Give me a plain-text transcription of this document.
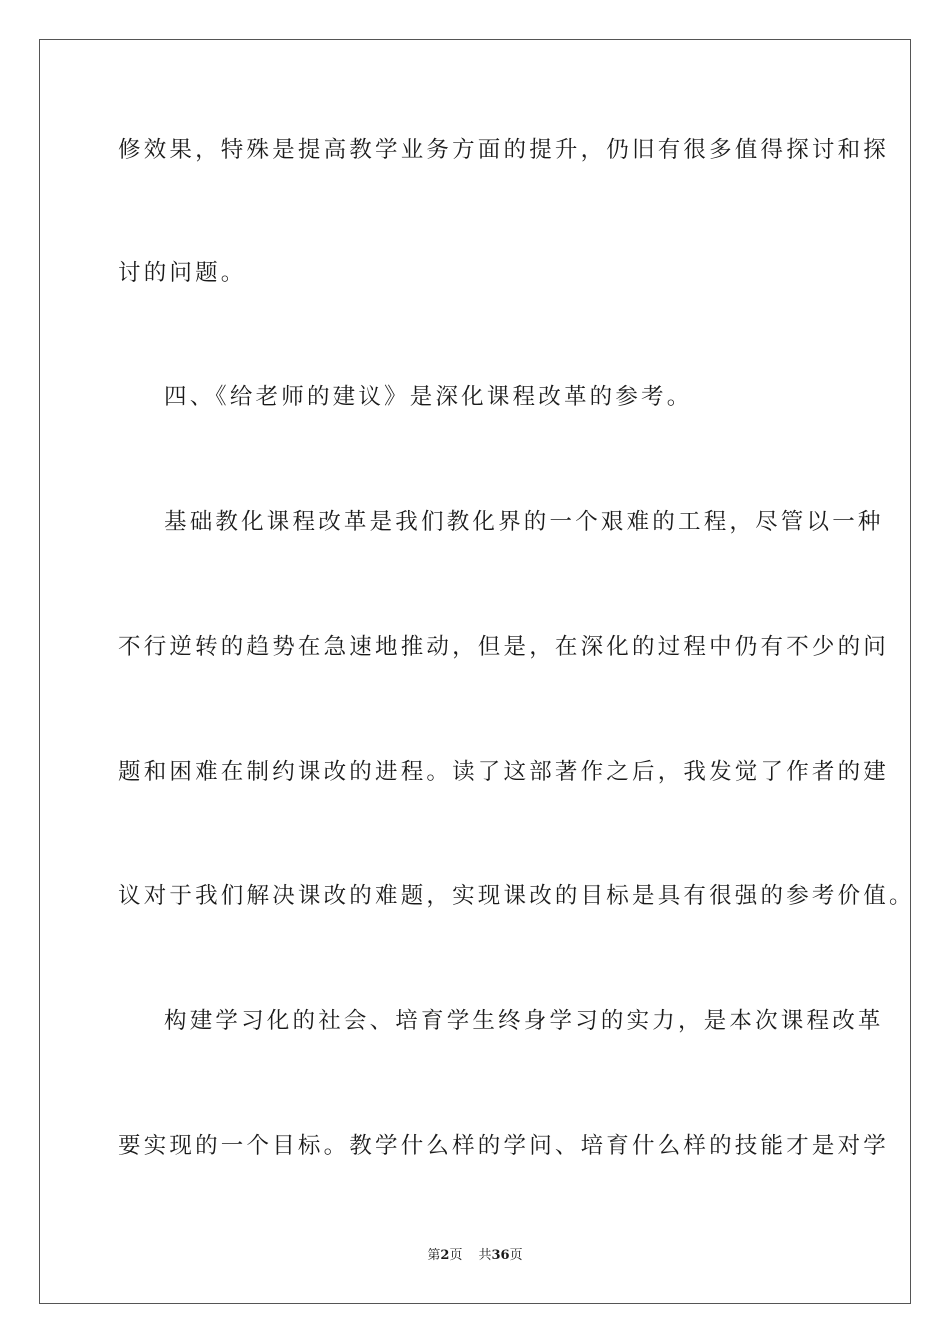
修效果，特殊是提高教学业务方面的提升，仍旧有很多值得探讨和探
讨的问题。
四、《给老师的建议》是深化课程改革的参考。
基础教化课程改革是我们教化界的一个艰难的工程，尽管以一种
不行逆转的趋势在急速地推动，但是，在深化的过程中仍有不少的问
题和困难在制约课改的进程。读了这部著作之后，我发觉了作者的建
议对于我们解决课改的难题，实现课改的目标是具有很强的参考价值。
构建学习化的社会、培育学生终身学习的实力，是本次课程改革
要实现的一个目标。教学什么样的学问、培育什么样的技能才是对学
第2页 共36页
